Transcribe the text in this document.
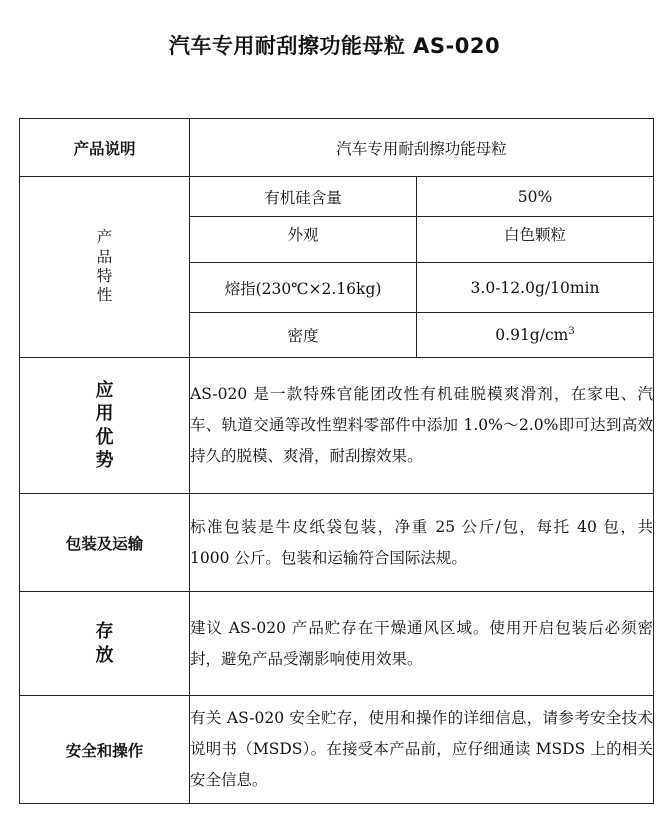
汽车专用耐刮擦功能母粒 AS-020
产品说明	汽车专用耐刮擦功能母粒	
产品特性	有机硅含量	50%
	外观	白色颗粒
	熔指(230℃×2.16kg)	3.0-12.0g/10min
	密度	$0.91g/cm^3$
应用优势	AS-020 是一款特殊官能团改性有机硅脱模爽滑剂，在家电、汽车、轨道交通等改性塑料零部件中添加 1.0%～2.0%即可达到高效持久的脱模、爽滑，耐刮擦效果。	
包装及运输	标准包装是牛皮纸袋包装，净重 25 公斤/包，每托 40 包，共 1000 公斤。包装和运输符合国际法规。	
存放	建议 AS-020 产品贮存在干燥通风区域。使用开启包装后必须密封，避免产品受潮影响使用效果。	
安全和操作	有关 AS-020 安全贮存，使用和操作的详细信息，请参考安全技术说明书（MSDS）。在接受本产品前，应仔细通读 MSDS 上的相关安全信息。	
